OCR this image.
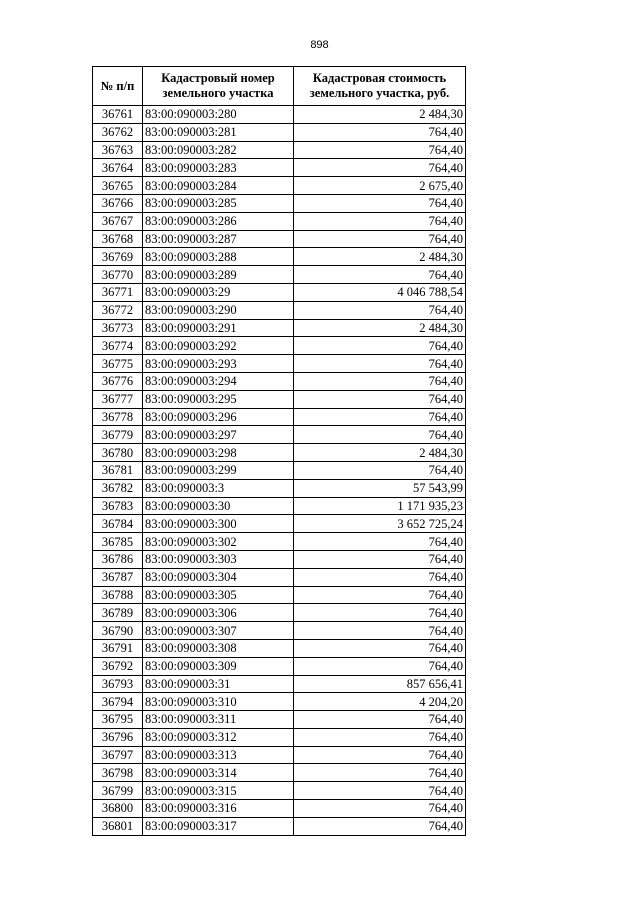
898
№ п/п	Кадастровый номер земельного участка	Кадастровая стоимость земельного участка, руб.
36761	83:00:090003:280	2 484,30
36762	83:00:090003:281	764,40
36763	83:00:090003:282	764,40
36764	83:00:090003:283	764,40
36765	83:00:090003:284	2 675,40
36766	83:00:090003:285	764,40
36767	83:00:090003:286	764,40
36768	83:00:090003:287	764,40
36769	83:00:090003:288	2 484,30
36770	83:00:090003:289	764,40
36771	83:00:090003:29	4 046 788,54
36772	83:00:090003:290	764,40
36773	83:00:090003:291	2 484,30
36774	83:00:090003:292	764,40
36775	83:00:090003:293	764,40
36776	83:00:090003:294	764,40
36777	83:00:090003:295	764,40
36778	83:00:090003:296	764,40
36779	83:00:090003:297	764,40
36780	83:00:090003:298	2 484,30
36781	83:00:090003:299	764,40
36782	83:00:090003:3	57 543,99
36783	83:00:090003:30	1 171 935,23
36784	83:00:090003:300	3 652 725,24
36785	83:00:090003:302	764,40
36786	83:00:090003:303	764,40
36787	83:00:090003:304	764,40
36788	83:00:090003:305	764,40
36789	83:00:090003:306	764,40
36790	83:00:090003:307	764,40
36791	83:00:090003:308	764,40
36792	83:00:090003:309	764,40
36793	83:00:090003:31	857 656,41
36794	83:00:090003:310	4 204,20
36795	83:00:090003:311	764,40
36796	83:00:090003:312	764,40
36797	83:00:090003:313	764,40
36798	83:00:090003:314	764,40
36799	83:00:090003:315	764,40
36800	83:00:090003:316	764,40
36801	83:00:090003:317	764,40
